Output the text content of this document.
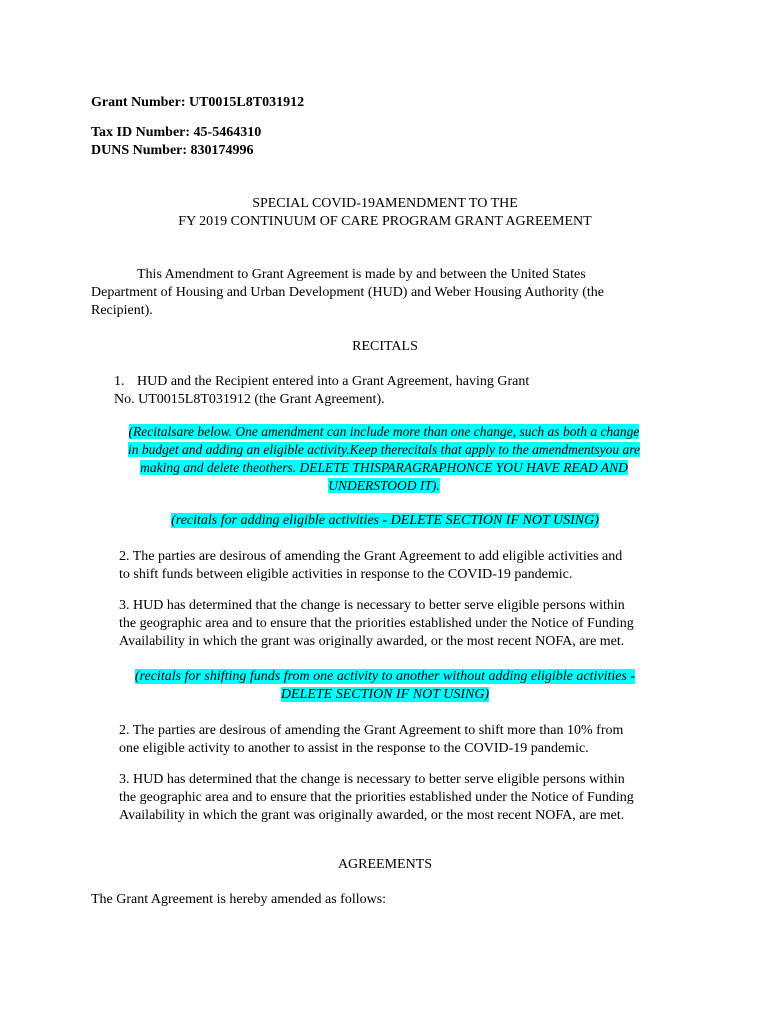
Grant Number: UT0015L8T031912

Tax ID Number: 45-5464310

DUNS Number: 830174996

SPECIAL COVID-19AMENDMENT TO THE

FY 2019 CONTINUUM OF CARE PROGRAM GRANT AGREEMENT

This Amendment to Grant Agreement is made by and between the United States

Department of Housing and Urban Development (HUD) and Weber Housing Authority (the

Recipient).

RECITALS

1. HUD and the Recipient entered into a Grant Agreement, having Grant

No. UT0015L8T031912 (the Grant Agreement).

(Recitalsare below. One amendment can include more than one change, such as both a change

in budget and adding an eligible activity.Keep therecitals that apply to the amendmentsyou are

making and delete theothers. DELETE THISPARAGRAPHONCE YOU HAVE READ AND

UNDERSTOOD IT).

(recitals for adding eligible activities - DELETE SECTION IF NOT USING)

2. The parties are desirous of amending the Grant Agreement to add eligible activities and

to shift funds between eligible activities in response to the COVID-19 pandemic.

3. HUD has determined that the change is necessary to better serve eligible persons within

the geographic area and to ensure that the priorities established under the Notice of Funding

Availability in which the grant was originally awarded, or the most recent NOFA, are met.

(recitals for shifting funds from one activity to another without adding eligible activities -

DELETE SECTION IF NOT USING)

2. The parties are desirous of amending the Grant Agreement to shift more than 10% from

one eligible activity to another to assist in the response to the COVID-19 pandemic.

3. HUD has determined that the change is necessary to better serve eligible persons within

the geographic area and to ensure that the priorities established under the Notice of Funding

Availability in which the grant was originally awarded, or the most recent NOFA, are met.

AGREEMENTS

The Grant Agreement is hereby amended as follows:
